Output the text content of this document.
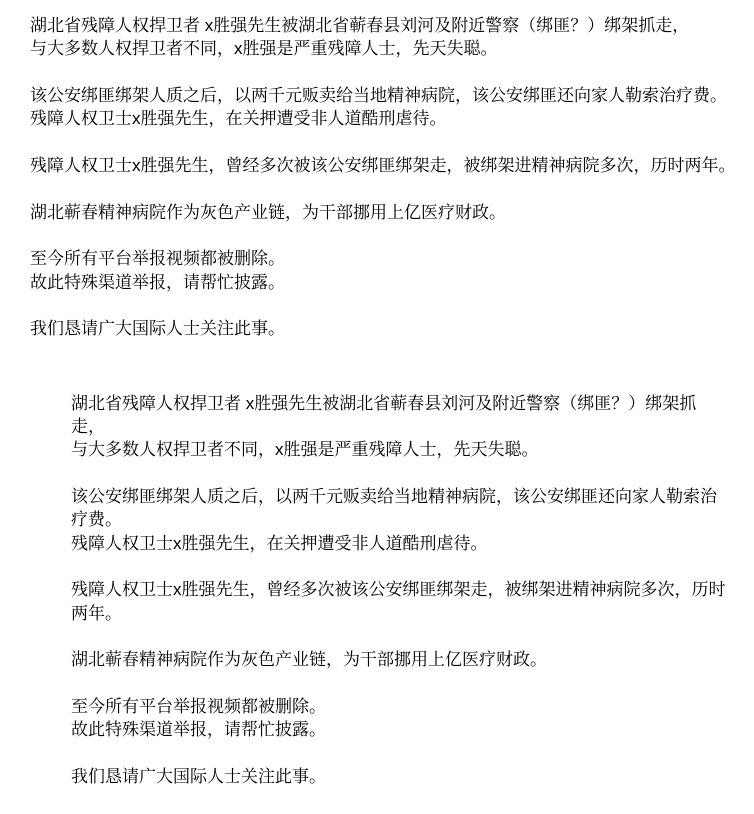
湖北省残障人权捍卫者 x胜强先生被湖北省蕲春县刘河及附近警察（绑匪？）绑架抓走，
与大多数人权捍卫者不同，x胜强是严重残障人士，先天失聪。
该公安绑匪绑架人质之后，以两千元贩卖给当地精神病院，该公安绑匪还向家人勒索治疗费。
残障人权卫士x胜强先生，在关押遭受非人道酷刑虐待。
残障人权卫士x胜强先生，曾经多次被该公安绑匪绑架走，被绑架进精神病院多次，历时两年。
湖北蕲春精神病院作为灰色产业链，为干部挪用上亿医疗财政。
至今所有平台举报视频都被删除。
故此特殊渠道举报，请帮忙披露。
我们恳请广大国际人士关注此事。
湖北省残障人权捍卫者 x胜强先生被湖北省蕲春县刘河及附近警察（绑匪？）绑架抓
走，
与大多数人权捍卫者不同，x胜强是严重残障人士，先天失聪。
该公安绑匪绑架人质之后，以两千元贩卖给当地精神病院，该公安绑匪还向家人勒索治
疗费。
残障人权卫士x胜强先生，在关押遭受非人道酷刑虐待。
残障人权卫士x胜强先生，曾经多次被该公安绑匪绑架走，被绑架进精神病院多次，历时
两年。
湖北蕲春精神病院作为灰色产业链，为干部挪用上亿医疗财政。
至今所有平台举报视频都被删除。
故此特殊渠道举报，请帮忙披露。
我们恳请广大国际人士关注此事。
